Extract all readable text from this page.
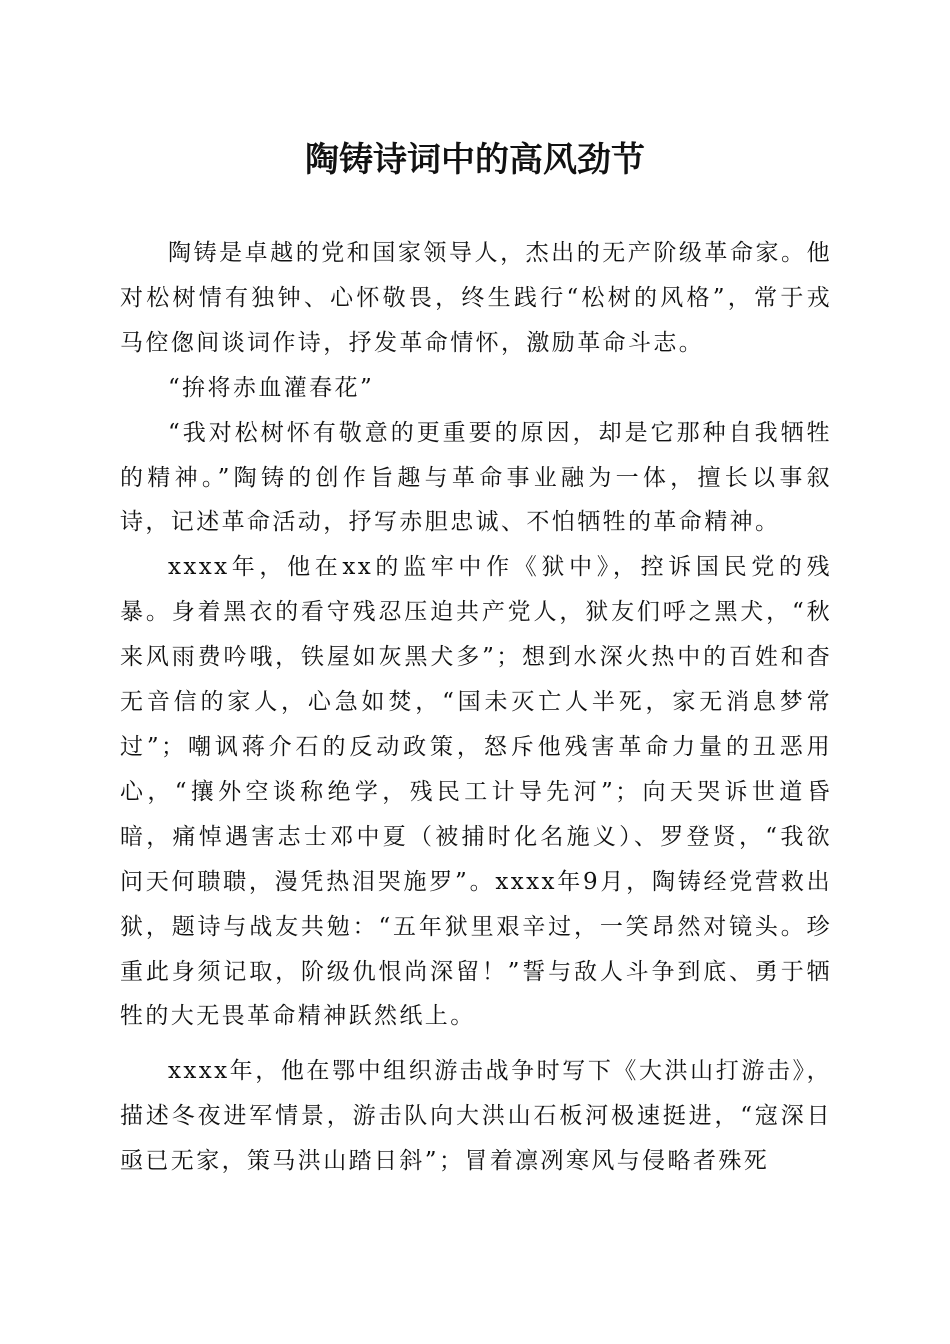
陶铸诗词中的高风劲节

陶铸是卓越的党和国家领导人，杰出的无产阶级革命家。他对松树情有独钟、心怀敬畏，终生践行“松树的风格”，常于戎马倥偬间谈词作诗，抒发革命情怀，激励革命斗志。

“拚将赤血灌春花”

“我对松树怀有敬意的更重要的原因，却是它那种自我牺牲的精神。”陶铸的创作旨趣与革命事业融为一体，擅长以事叙诗，记述革命活动，抒写赤胆忠诚、不怕牺牲的革命精神。

xxxx年，他在xx的监牢中作《狱中》，控诉国民党的残暴。身着黑衣的看守残忍压迫共产党人，狱友们呼之黑犬，“秋来风雨费吟哦，铁屋如灰黑犬多”；想到水深火热中的百姓和杳无音信的家人，心急如焚，“国未灭亡人半死，家无消息梦常过”；嘲讽蒋介石的反动政策，怒斥他残害革命力量的丑恶用心，“攘外空谈称绝学，残民工计导先河”；向天哭诉世道昏暗，痛悼遇害志士邓中夏（被捕时化名施义）、罗登贤，“我欲问天何聩聩，漫凭热泪哭施罗”。xxxx年9月，陶铸经党营救出狱，题诗与战友共勉：“五年狱里艰辛过，一笑昂然对镜头。珍重此身须记取，阶级仇恨尚深留！”誓与敌人斗争到底、勇于牺牲的大无畏革命精神跃然纸上。

xxxx年，他在鄂中组织游击战争时写下《大洪山打游击》，描述冬夜进军情景，游击队向大洪山石板河极速挺进，“寇深日亟已无家，策马洪山踏日斜”；冒着凛冽寒风与侵略者殊死
